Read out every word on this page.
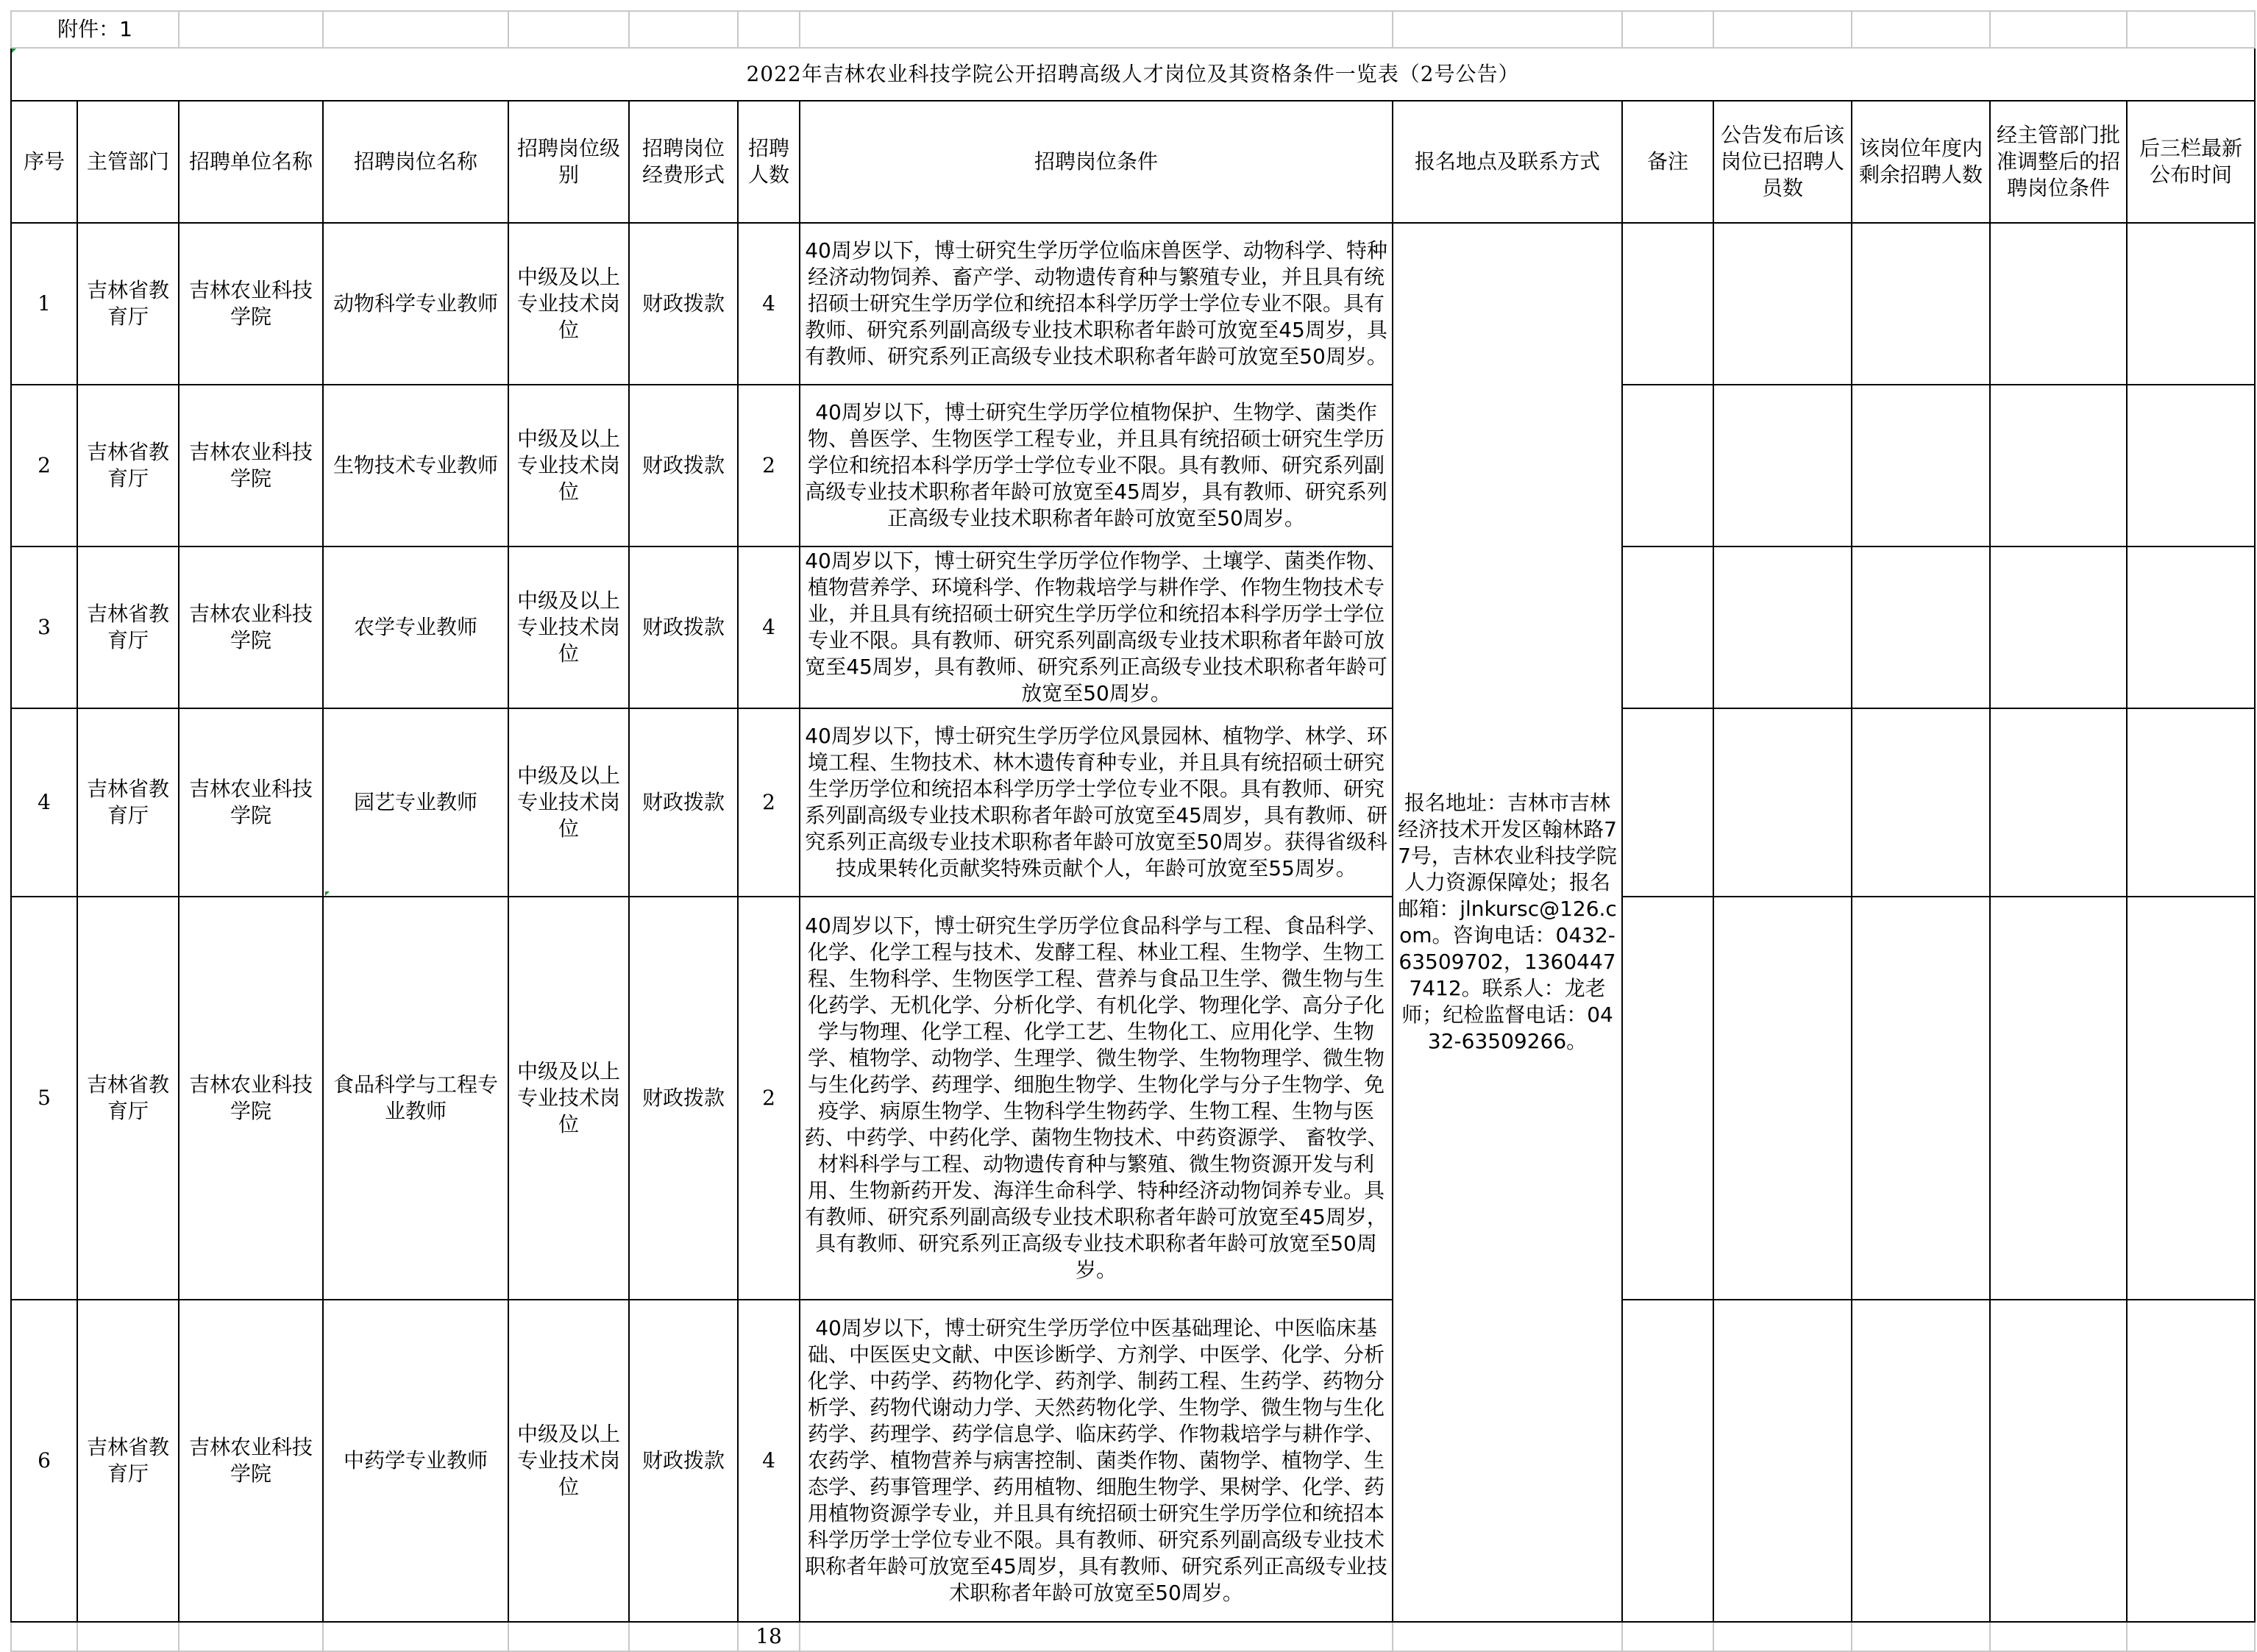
附件：1													
2022年吉林农业科技学院公开招聘高级人才岗位及其资格条件一览表（2号公告）													
序号	主管部门	招聘单位名称	招聘岗位名称	招聘岗位级别	招聘岗位经费形式	招聘人数	招聘岗位条件	报名地点及联系方式	备注	公告发布后该岗位已招聘人员数	该岗位年度内剩余招聘人数	经主管部门批准调整后的招聘岗位条件	后三栏最新公布时间
1	吉林省教育厅	吉林农业科技学院	动物科学专业教师	中级及以上专业技术岗位	财政拨款	4	40周岁以下，博士研究生学历学位临床兽医学、动物科学、特种经济动物饲养、畜产学、动物遗传育种与繁殖专业，并且具有统招硕士研究生学历学位和统招本科学历学士学位专业不限。具有教师、研究系列副高级专业技术职称者年龄可放宽至45周岁，具有教师、研究系列正高级专业技术职称者年龄可放宽至50周岁。	报名地址：吉林市吉林经济技术开发区翰林路77号，吉林农业科技学院人力资源保障处；报名邮箱：jlnkursc@126.com。咨询电话：0432-63509702，13604477412。联系人：龙老师；纪检监督电话：0432-63509266。					
2	吉林省教育厅	吉林农业科技学院	生物技术专业教师	中级及以上专业技术岗位	财政拨款	2	40周岁以下，博士研究生学历学位植物保护、生物学、菌类作物、兽医学、生物医学工程专业，并且具有统招硕士研究生学历学位和统招本科学历学士学位专业不限。具有教师、研究系列副高级专业技术职称者年龄可放宽至45周岁，具有教师、研究系列正高级专业技术职称者年龄可放宽至50周岁。						
3	吉林省教育厅	吉林农业科技学院	农学专业教师	中级及以上专业技术岗位	财政拨款	4	40周岁以下，博士研究生学历学位作物学、土壤学、菌类作物、植物营养学、环境科学、作物栽培学与耕作学、作物生物技术专业，并且具有统招硕士研究生学历学位和统招本科学历学士学位专业不限。具有教师、研究系列副高级专业技术职称者年龄可放宽至45周岁，具有教师、研究系列正高级专业技术职称者年龄可放宽至50周岁。						
4	吉林省教育厅	吉林农业科技学院	园艺专业教师	中级及以上专业技术岗位	财政拨款	2	40周岁以下，博士研究生学历学位风景园林、植物学、林学、环境工程、生物技术、林木遗传育种专业，并且具有统招硕士研究生学历学位和统招本科学历学士学位专业不限。具有教师、研究系列副高级专业技术职称者年龄可放宽至45周岁，具有教师、研究系列正高级专业技术职称者年龄可放宽至50周岁。获得省级科技成果转化贡献奖特殊贡献个人，年龄可放宽至55周岁。						
5	吉林省教育厅	吉林农业科技学院	食品科学与工程专业教师	中级及以上专业技术岗位	财政拨款	2	40周岁以下，博士研究生学历学位食品科学与工程、食品科学、化学、化学工程与技术、发酵工程、林业工程、生物学、生物工程、生物科学、生物医学工程、营养与食品卫生学、微生物与生化药学、无机化学、分析化学、有机化学、物理化学、高分子化学与物理、化学工程、化学工艺、生物化工、应用化学、生物学、植物学、动物学、生理学、微生物学、生物物理学、微生物与生化药学、药理学、细胞生物学、生物化学与分子生物学、免疫学、病原生物学、生物科学生物药学、生物工程、生物与医药、中药学、中药化学、菌物生物技术、中药资源学、 畜牧学、材料科学与工程、动物遗传育种与繁殖、微生物资源开发与利用、生物新药开发、海洋生命科学、特种经济动物饲养专业。具有教师、研究系列副高级专业技术职称者年龄可放宽至45周岁，具有教师、研究系列正高级专业技术职称者年龄可放宽至50周岁。						
6	吉林省教育厅	吉林农业科技学院	中药学专业教师	中级及以上专业技术岗位	财政拨款	4	40周岁以下，博士研究生学历学位中医基础理论、中医临床基础、中医医史文献、中医诊断学、方剂学、中医学、化学、分析化学、中药学、药物化学、药剂学、制药工程、生药学、药物分析学、药物代谢动力学、天然药物化学、生物学、微生物与生化药学、药理学、药学信息学、临床药学、作物栽培学与耕作学、农药学、植物营养与病害控制、菌类作物、菌物学、植物学、生态学、药事管理学、药用植物、细胞生物学、果树学、化学、药用植物资源学专业，并且具有统招硕士研究生学历学位和统招本科学历学士学位专业不限。具有教师、研究系列副高级专业技术职称者年龄可放宽至45周岁，具有教师、研究系列正高级专业技术职称者年龄可放宽至50周岁。						
						18							
